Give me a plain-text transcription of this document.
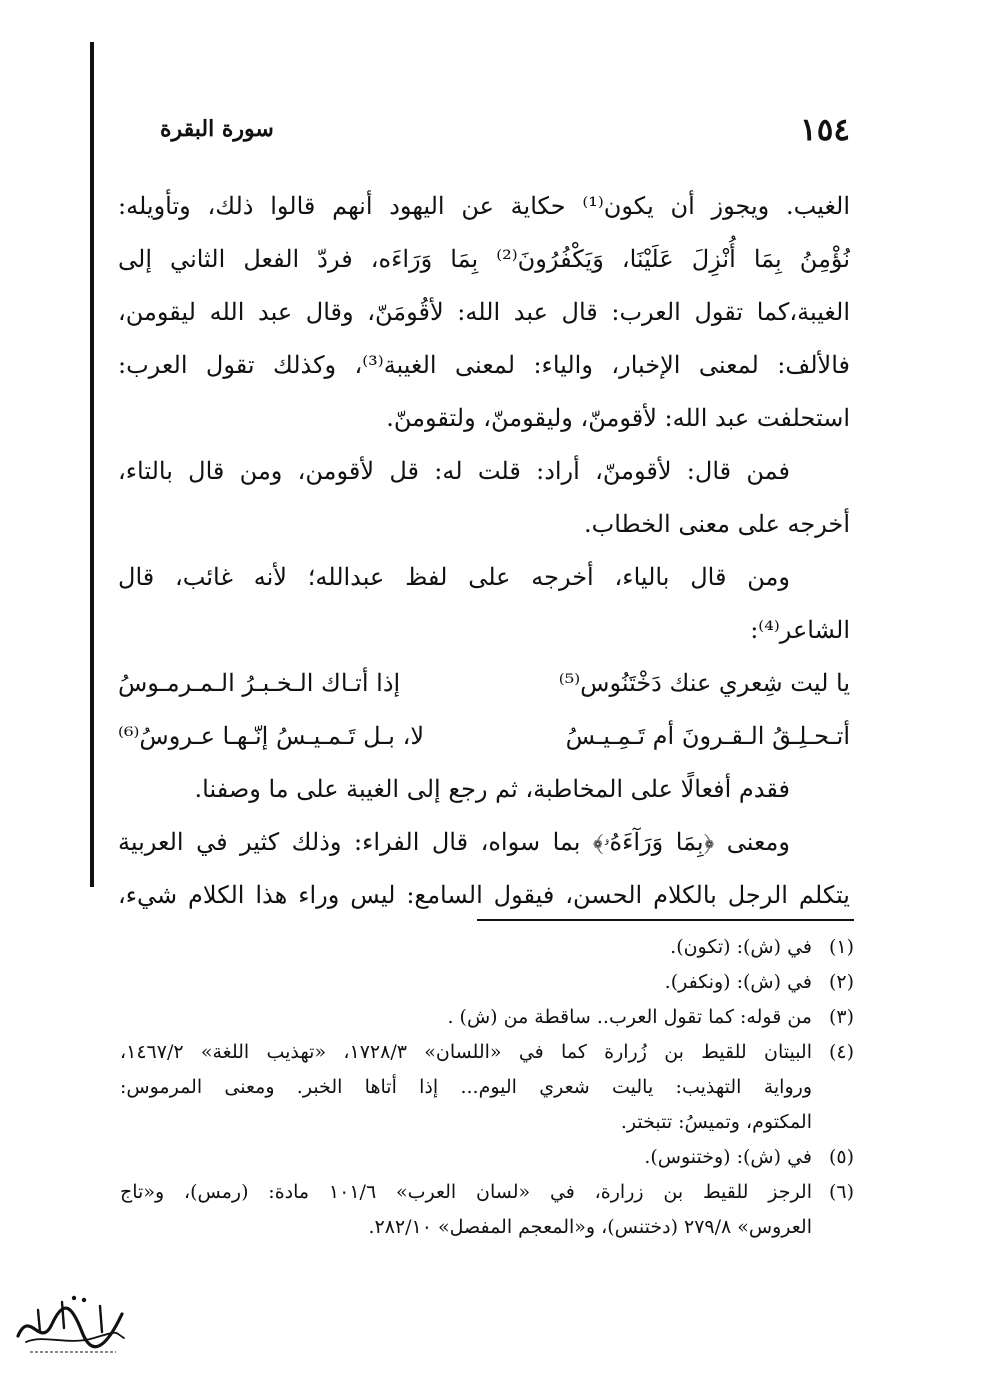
١٥٤
سورة البقرة
الغيب. ويجوز أن يكون⁽¹⁾ حكاية عن اليهود أنهم قالوا ذلك، وتأويله:
نُؤْمِنُ بِمَا أُنْزِلَ عَلَيْنَا، وَيَكْفُرُونَ⁽²⁾ بِمَا وَرَاءَه، فردّ الفعل الثاني إلى
الغيبة،كما تقول العرب: قال عبد الله: لأقُومَنّ، وقال عبد الله ليقومن،
فالألف: لمعنى الإخبار، والياء: لمعنى الغيبة⁽³⁾، وكذلك تقول العرب:
استحلفت عبد الله: لأقومنّ، وليقومنّ، ولتقومنّ.
فمن قال: لأقومنّ، أراد: قلت له: قل لأقومن، ومن قال بالتاء،
أخرجه على معنى الخطاب.
ومن قال بالياء، أخرجه على لفظ عبدالله؛ لأنه غائب، قال
الشاعر⁽⁴⁾:
يا ليت شِعري عنك دَخْتَنُوس⁽⁵⁾
إذا أتـاك الـخـبـرُ الـمـرمـوسُ
أتـحـلِـقُ الـقـرونَ أم تَـمِـيـسُ
لا، بـل تَـمـيـسُ إنّـهـا عـروسُ⁽⁶⁾
فقدم أفعالًا على المخاطبة، ثم رجع إلى الغيبة على ما وصفنا.
ومعنى ﴿بِمَا وَرَآءَهُۥ﴾ بما سواه، قال الفراء: وذلك كثير في العربية
يتكلم الرجل بالكلام الحسن، فيقول السامع: ليس وراء هذا الكلام شيء،
(١)
في (ش): (تكون).
(٢)
في (ش): (ونكفر).
(٣)
من قوله: كما تقول العرب.. ساقطة من (ش) .
(٤)
البيتان للقيط بن زُرارة كما في «اللسان» ١٧٢٨/٣، «تهذيب اللغة» ١٤٦٧/٢،
ورواية التهذيب: ياليت شعري اليوم... إذا أتاها الخبر. ومعنى المرموس:
المكتوم، وتميسُ: تتبختر.
(٥)
في (ش): (وختنوس).
(٦)
الرجز للقيط بن زرارة، في «لسان العرب» ١٠١/٦ مادة: (رمس)، و«تاج
العروس» ٢٧٩/٨ (دختنس)، و«المعجم المفصل» ٢٨٢/١٠.
